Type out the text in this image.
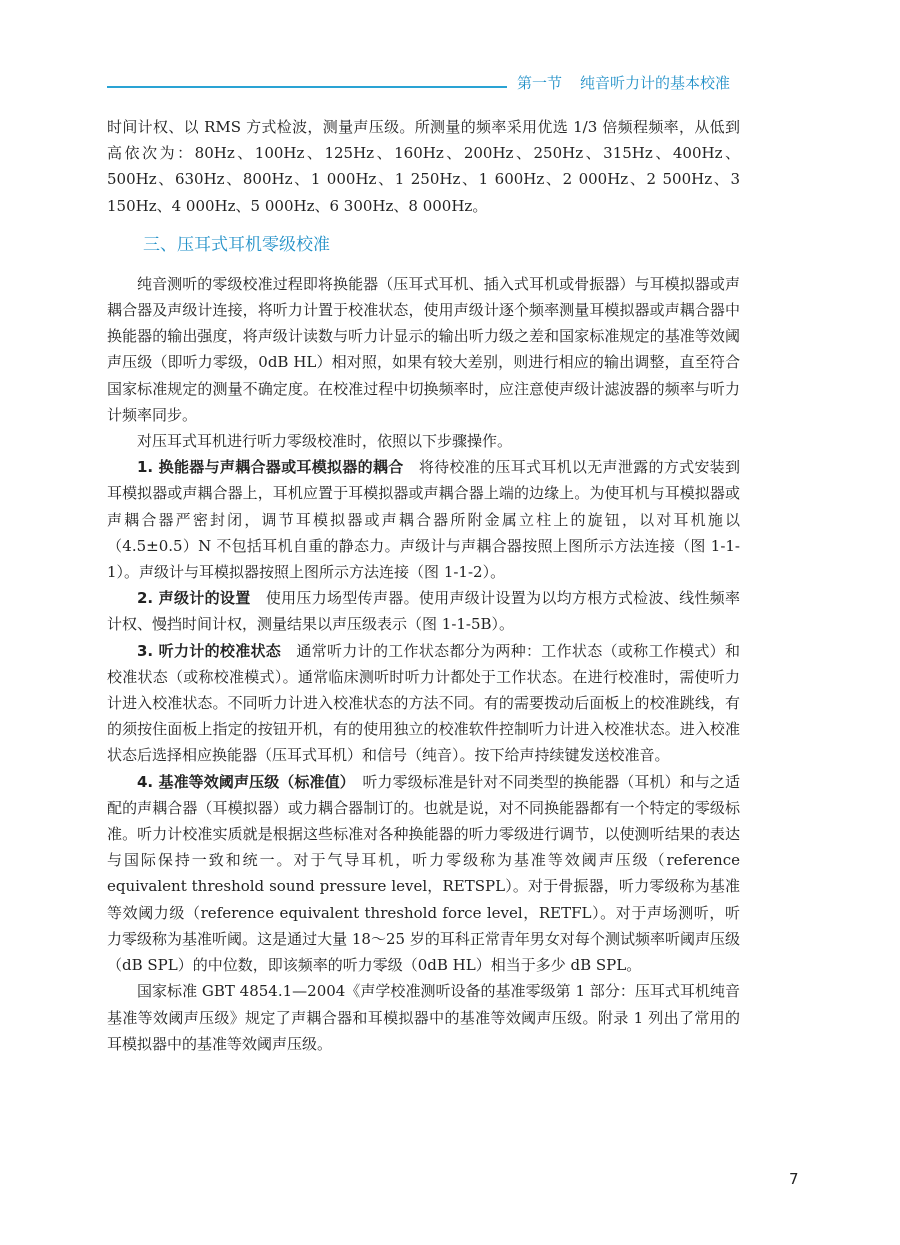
第一节 纯音听力计的基本校准

时间计权、以 RMS 方式检波，测量声压级。所测量的频率采用优选 1/3 倍频程频率，从低到高依次为：80Hz、100Hz、125Hz、160Hz、200Hz、250Hz、315Hz、400Hz、500Hz、630Hz、800Hz、1 000Hz、1 250Hz、1 600Hz、2 000Hz、2 500Hz、3 150Hz、4 000Hz、5 000Hz、6 300Hz、8 000Hz。

三、压耳式耳机零级校准

纯音测听的零级校准过程即将换能器（压耳式耳机、插入式耳机或骨振器）与耳模拟器或声耦合器及声级计连接，将听力计置于校准状态，使用声级计逐个频率测量耳模拟器或声耦合器中换能器的输出强度，将声级计读数与听力计显示的输出听力级之差和国家标准规定的基准等效阈声压级（即听力零级，0dB HL）相对照，如果有较大差别，则进行相应的输出调整，直至符合国家标准规定的测量不确定度。在校准过程中切换频率时，应注意使声级计滤波器的频率与听力计频率同步。

对压耳式耳机进行听力零级校准时，依照以下步骤操作。

1. 换能器与声耦合器或耳模拟器的耦合　 将待校准的压耳式耳机以无声泄露的方式安装到耳模拟器或声耦合器上，耳机应置于耳模拟器或声耦合器上端的边缘上。为使耳机与耳模拟器或声耦合器严密封闭，调节耳模拟器或声耦合器所附金属立柱上的旋钮，以对耳机施以（4.5±0.5）N 不包括耳机自重的静态力。声级计与声耦合器按照上图所示方法连接（图 1-1-1）。声级计与耳模拟器按照上图所示方法连接（图 1-1-2）。

2. 声级计的设置　 使用压力场型传声器。使用声级计设置为以均方根方式检波、线性频率计权、慢挡时间计权，测量结果以声压级表示（图 1-1-5B）。

3. 听力计的校准状态　 通常听力计的工作状态都分为两种：工作状态（或称工作模式）和校准状态（或称校准模式）。通常临床测听时听力计都处于工作状态。在进行校准时，需使听力计进入校准状态。不同听力计进入校准状态的方法不同。有的需要拨动后面板上的校准跳线，有的须按住面板上指定的按钮开机，有的使用独立的校准软件控制听力计进入校准状态。进入校准状态后选择相应换能器（压耳式耳机）和信号（纯音）。按下给声持续键发送校准音。

4. 基准等效阈声压级（标准值）　 听力零级标准是针对不同类型的换能器（耳机）和与之适配的声耦合器（耳模拟器）或力耦合器制订的。也就是说，对不同换能器都有一个特定的零级标准。听力计校准实质就是根据这些标准对各种换能器的听力零级进行调节，以使测听结果的表达与国际保持一致和统一。对于气导耳机，听力零级称为基准等效阈声压级（reference equivalent threshold sound pressure level，RETSPL）。对于骨振器，听力零级称为基准等效阈力级（reference equivalent threshold force level，RETFL）。对于声场测听，听力零级称为基准听阈。这是通过大量 18～25 岁的耳科正常青年男女对每个测试频率听阈声压级（dB SPL）的中位数，即该频率的听力零级（0dB HL）相当于多少 dB SPL。

国家标准 GBT 4854.1—2004《声学校准测听设备的基准零级第 1 部分：压耳式耳机纯音基准等效阈声压级》规定了声耦合器和耳模拟器中的基准等效阈声压级。附录 1 列出了常用的耳模拟器中的基准等效阈声压级。

7
